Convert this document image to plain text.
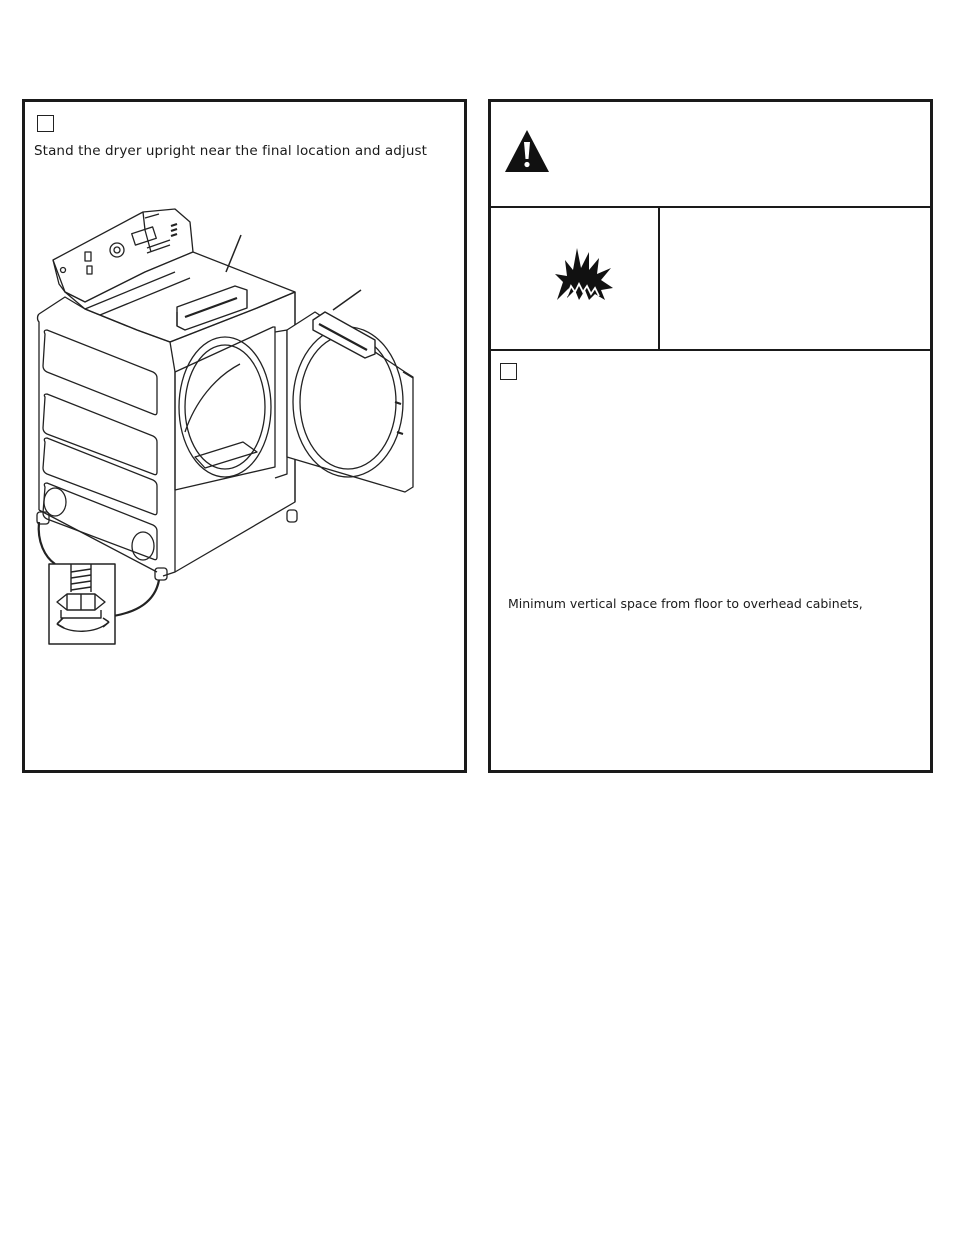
Stand the dryer upright near the final location and adjust
Minimum vertical space from floor to overhead cabinets,
